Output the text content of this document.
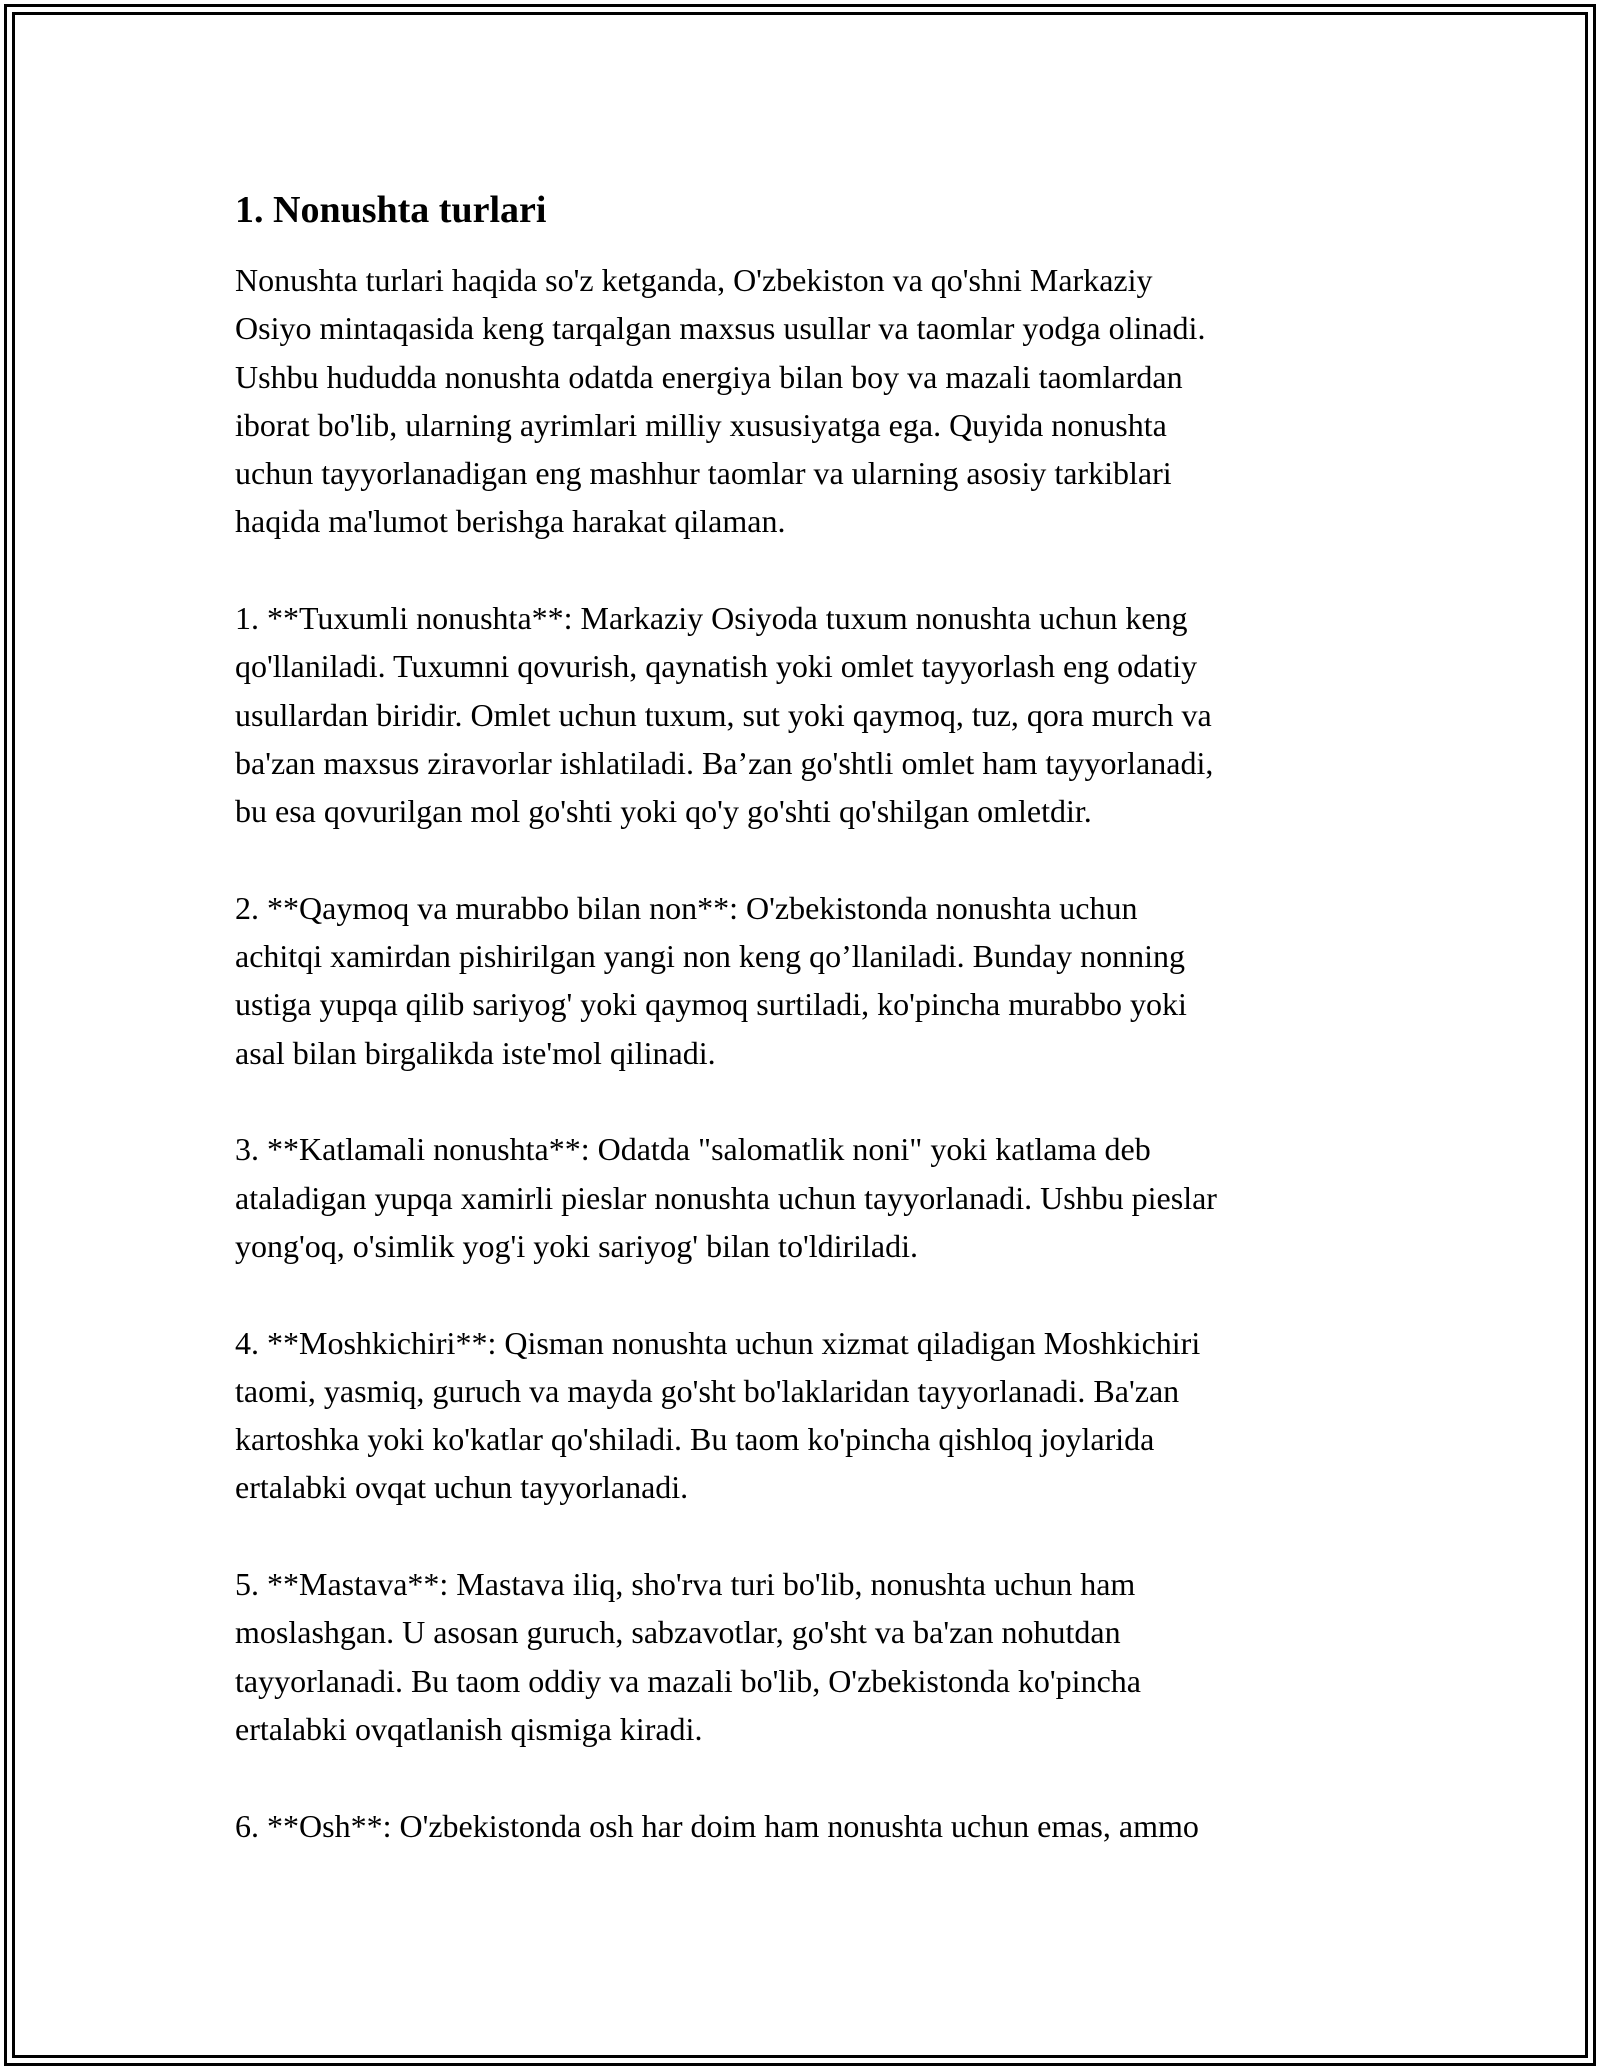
1. Nonushta turlari

Nonushta turlari haqida so'z ketganda, O'zbekiston va qo'shni Markaziy
Osiyo mintaqasida keng tarqalgan maxsus usullar va taomlar yodga olinadi.
Ushbu hududda nonushta odatda energiya bilan boy va mazali taomlardan
iborat bo'lib, ularning ayrimlari milliy xususiyatga ega. Quyida nonushta
uchun tayyorlanadigan eng mashhur taomlar va ularning asosiy tarkiblari
haqida ma'lumot berishga harakat qilaman.

1. **Tuxumli nonushta**: Markaziy Osiyoda tuxum nonushta uchun keng
qo'llaniladi. Tuxumni qovurish, qaynatish yoki omlet tayyorlash eng odatiy
usullardan biridir. Omlet uchun tuxum, sut yoki qaymoq, tuz, qora murch va
ba'zan maxsus ziravorlar ishlatiladi. Ba’zan go'shtli omlet ham tayyorlanadi,
bu esa qovurilgan mol go'shti yoki qo'y go'shti qo'shilgan omletdir.

2. **Qaymoq va murabbo bilan non**: O'zbekistonda nonushta uchun
achitqi xamirdan pishirilgan yangi non keng qo’llaniladi. Bunday nonning
ustiga yupqa qilib sariyog' yoki qaymoq surtiladi, ko'pincha murabbo yoki
asal bilan birgalikda iste'mol qilinadi.

3. **Katlamali nonushta**: Odatda "salomatlik noni" yoki katlama deb
ataladigan yupqa xamirli pieslar nonushta uchun tayyorlanadi. Ushbu pieslar
yong'oq, o'simlik yog'i yoki sariyog' bilan to'ldiriladi.

4. **Moshkichiri**: Qisman nonushta uchun xizmat qiladigan Moshkichiri
taomi, yasmiq, guruch va mayda go'sht bo'laklaridan tayyorlanadi. Ba'zan
kartoshka yoki ko'katlar qo'shiladi. Bu taom ko'pincha qishloq joylarida
ertalabki ovqat uchun tayyorlanadi.

5. **Mastava**: Mastava iliq, sho'rva turi bo'lib, nonushta uchun ham
moslashgan. U asosan guruch, sabzavotlar, go'sht va ba'zan nohutdan
tayyorlanadi. Bu taom oddiy va mazali bo'lib, O'zbekistonda ko'pincha
ertalabki ovqatlanish qismiga kiradi.

6. **Osh**: O'zbekistonda osh har doim ham nonushta uchun emas, ammo
